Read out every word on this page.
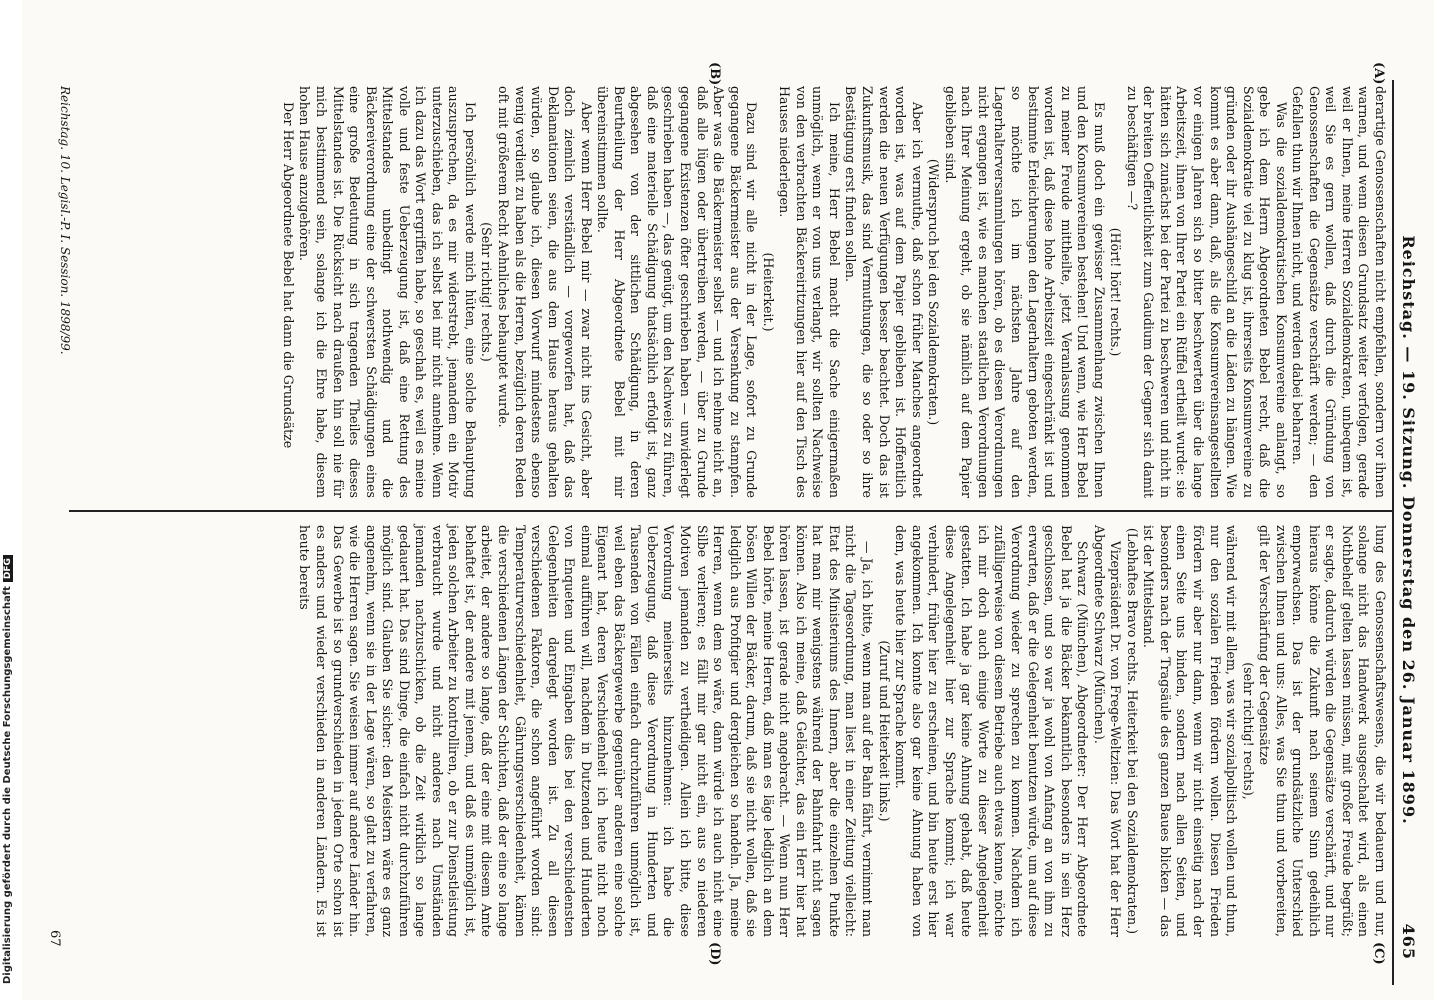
Reichstag. — 19. Sitzung. Donnerstag den 26. Januar 1899.
465
(A)
(B)
(C)
(D)

derartige Genossenschaften nicht empfehlen, sondern vor ihnen warnen, und wenn diesen Grundsatz weiter verfolgen, gerade weil er Ihnen, meine Herren Sozialdemokraten, unbequem ist, weil Sie es gern wollen, daß durch die Gründung von Genossenschaften die Gegensätze verschärft werden; — den Gefallen thun wir Ihnen nicht, und werden dabei beharren.

Was die sozialdemokratischen Konsumvereine anlangt, so gebe ich dem Herrn Abgeordneten Bebel recht, daß die Sozialdemokratie viel zu klug ist, ihrerseits Konsumvereine zu gründen oder ihr Aushängeschild an die Läden zu hängen. Wie kommt es aber dann, daß, als die Konsumvereinsangestellten vor einigen Jahren sich so bitter beschwerten über die lange Arbeitszeit, ihnen von Ihrer Partei ein Rüffel ertheilt wurde: sie hätten sich zunächst bei der Partei zu beschweren und nicht in der breiten Oeffentlichkeit zum Gaudium der Gegner sich damit zu beschäftigen —?

(Hört! hört! rechts.)

Es muß doch ein gewisser Zusammenhang zwischen Ihnen und den Konsumvereinen bestehen! Und wenn, wie Herr Bebel zu meiner Freude mittheilte, jetzt Veranlassung genommen worden ist, daß diese hohe Arbeitszeit eingeschränkt ist und bestimmte Erleichterungen den Lagerhaltern geboten werden, so möchte ich im nächsten Jahre auf den Lagerhalterversammlungen hören, ob es diesen Verordnungen nicht ergangen ist, wie es manchen staatlichen Verordnungen nach Ihrer Meinung ergeht, ob sie nämlich auf dem Papier geblieben sind.

(Widerspruch bei den Sozialdemokraten.)

Aber ich vermuthe, daß schon früher Manches angeordnet worden ist, was auf dem Papier geblieben ist. Hoffentlich werden die neuen Verfügungen besser beachtet. Doch das ist Zukunftsmusik, das sind Vermuthungen, die so oder so ihre Bestätigung erst finden sollen.

Ich meine, Herr Bebel macht die Sache einigermaßen unmöglich, wenn er von uns verlangt, wir sollten Nachweise von den verbrachten Bäckereiritzungen hier auf den Tisch des Hauses niederlegen.

(Heiterkeit.)

Dazu sind wir alle nicht in der Lage, sofort zu Grunde gegangene Bäckermeister aus der Versenkung zu stampfen. Aber was die Bäckermeister selbst — und ich nehme nicht an, daß alle lügen oder übertreiben werden, — über zu Grunde gegangene Existenzen öfter geschrieben haben — unwiderlegt geschrieben haben —, das genügt, um den Nachweis zu führen, daß eine materielle Schädigung thatsächlich erfolgt ist, ganz abgesehen von der sittlichen Schädigung, in deren Beurtheilung der Herr Abgeordnete Bebel mit mir übereinstimmen sollte.

Aber wenn Herr Bebel mir — zwar nicht ins Gesicht, aber doch ziemlich verständlich — vorgeworfen hat, daß das Deklamationen seien, die aus dem Hause heraus gehalten würden, so glaube ich, diesen Vorwurf mindestens ebenso wenig verdient zu haben als die Herren, bezüglich deren Reden oft mit größerem Recht Aehnliches behauptet wurde.

(Sehr richtig! rechts.)

Ich persönlich werde mich hüten, eine solche Behauptung auszusprechen, da es mir widerstrebt, jemandem ein Motiv unterzuschieben, das ich selbst bei mir nicht annehme. Wenn ich dazu das Wort ergriffen habe, so geschah es, weil es meine volle und feste Ueberzeugung ist, daß eine Rettung des Mittelstandes unbedingt nothwendig und die Bäckereiverordnung eine der schwersten Schädigungen eines eine große Bedeutung in sich tragenden Theiles dieses Mittelstandes ist. Die Rücksicht nach draußen hin soll nie für mich bestimmend sein, solange ich die Ehre habe, diesem hohen Hause anzugehören.

Der Herr Abgeordnete Bebel hat dann die Grundsätze

lung des Genossenschaftswesens, die wir bedauern und nur, solange nicht das Handwerk ausgeschaltet wird, als einen Nothbehelf gelten lassen müssen, mit großer Freude begrüßt; er sagte, dadurch würden die Gegensätze verschärft, und nur hieraus könne die Zukunft nach seinem Sinn gedeihlich emporwachsen. Das ist der grundsätzliche Unterschied zwischen Ihnen und uns: Alles, was Sie thun und vorbereiten, gilt der Verschärfung der Gegensätze

(sehr richtig! rechts),

während wir mit allem, was wir sozialpolitisch wollen und thun, nur den sozialen Frieden fördern wollen. Diesen Frieden fördern wir aber nur dann, wenn wir nicht einseitig nach der einen Seite uns binden, sondern nach allen Seiten, und besonders nach der Tragsäule des ganzen Baues blicken — das ist der Mittelstand.

(Lebhaftes Bravo rechts. Heiterkeit bei den Sozialdemokraten.)

Vizepräsident Dr. von Frege-Weltzien: Das Wort hat der Herr Abgeordnete Schwarz (München).

Schwarz (München), Abgeordneter: Der Herr Abgeordnete Bebel hat ja die Bäcker bekanntlich besonders in sein Herz geschlossen, und so war ja wohl von Anfang an von ihm zu erwarten, daß er die Gelegenheit benutzen würde, um auf diese Verordnung wieder zu sprechen zu kommen. Nachdem ich zufälligerweise von diesem Betriebe auch etwas kenne, möchte ich mir doch auch einige Worte zu dieser Angelegenheit gestatten. Ich habe ja gar keine Ahnung gehabt, daß heute diese Angelegenheit hier zur Sprache kommt; ich war verhindert, früher hier zu erscheinen, und bin heute erst hier angekommen. Ich konnte also gar keine Ahnung haben von dem, was heute hier zur Sprache kommt.

(Zuruf und Heiterkeit links.)

— Ja, ich bitte, wenn man auf der Bahn fährt, vernimmt man nicht die Tagesordnung, man liest in einer Zeitung vielleicht: Etat des Ministeriums des Innern, aber die einzelnen Punkte hat man mir wenigstens während der Bahnfahrt nicht sagen können. Also ich meine, daß Gelächter, das ein Herr hier hat hören lassen, ist gerade nicht angebracht. — Wenn nun Herr Bebel hörte, meine Herren, daß man es läge lediglich an dem bösen Willen der Bäcker, darum, daß sie nicht wollen, daß sie lediglich aus Profitgier und dergleichen so handeln. Ja, meine Herren, wenn dem so wäre, dann würde ich auch nicht eine Silbe verlieren; es fällt mir gar nicht ein, aus so niederen Motiven jemanden zu vertheidigen. Allein ich bitte, diese Verordnung meinerseits hinzunehmen: ich habe die Ueberzeugung, daß diese Verordnung in Hunderten und Tausenden von Fällen einfach durchzuführen unmöglich ist, weil eben das Bäckergewerbe gegenüber anderen eine solche Eigenart hat, deren Verschiedenheit ich heute nicht noch einmal aufführen will, nachdem in Dutzenden und Hunderten von Enqueten und Eingaben dies bei den verschiedensten Gelegenheiten dargelegt worden ist. Zu all diesen verschiedenen Faktoren, die schon angeführt worden sind: Temperaturverschiedenheit, Gährungsverschiedenheit, kämen die verschiedenen Längen der Schichten, daß der eine so lange arbeitet, der andere so lange, daß der eine mit diesem Amte behaftet ist, der andere mit jenem, und daß es unmöglich ist, jeden solchen Arbeiter zu kontrolliren, ob er zur Dienstleistung verbraucht wurde und nicht anderes nach Umständen jemanden nachzuschicken, ob die Zeit wirklich so lange gedauert hat. Das sind Dinge, die einfach nicht durchzuführen möglich sind. Glauben Sie sicher: den Meistern wäre es ganz angenehm, wenn sie in der Lage wären, so glatt zu verfahren, wie die Herren sagen. Sie weisen immer auf andere Länder hin. Das Gewerbe ist so grundverschieden in jedem Orte schon ist es anders und wieder verschieden in anderen Ländern. Es ist heute bereits

Reichstag. 10. Legisl.-P. I. Session. 1898/99.
67
Digitalisierung gefördert durch die Deutsche ForschungsgemeinschaftDFG
